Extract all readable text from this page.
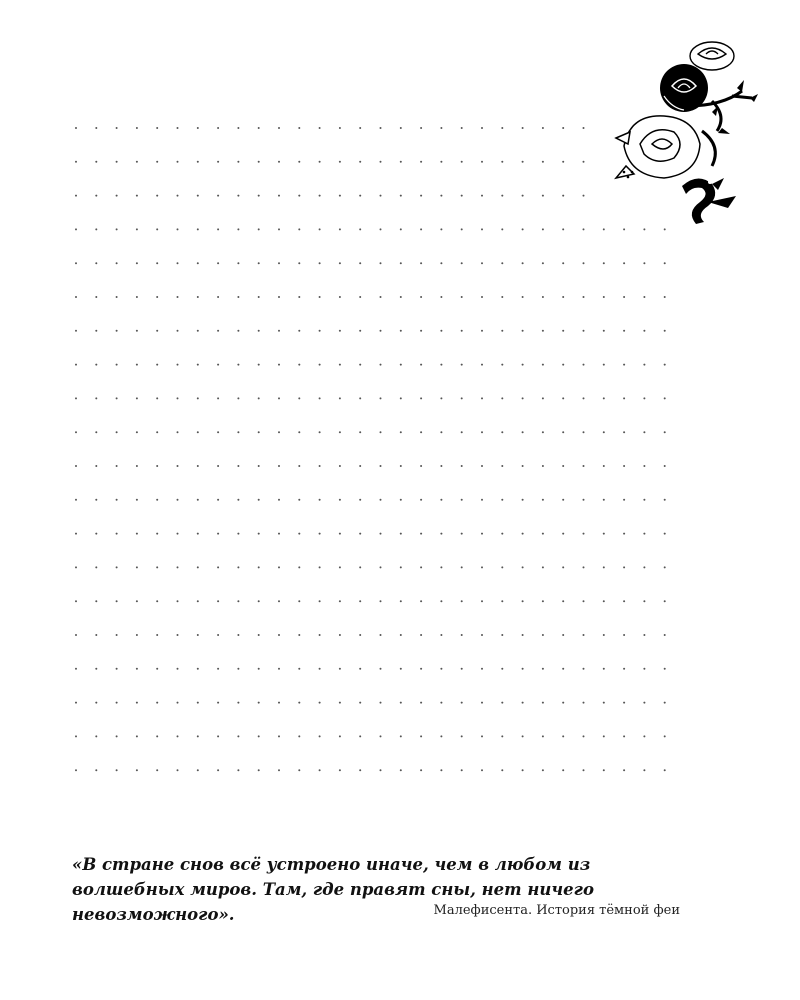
«В стране снов всё устроено иначе, чем в любом из волшебных миров. Там, где правят сны, нет ничего невозможного».	Малефисента. История тёмной феи
